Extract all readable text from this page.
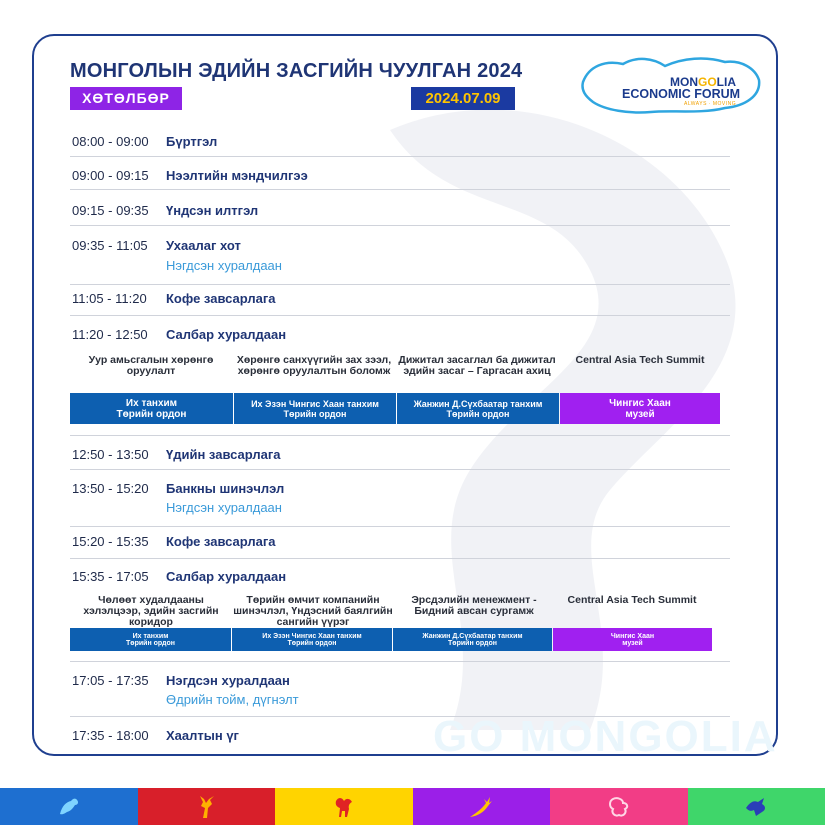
МОНГОЛЫН ЭДИЙН ЗАСГИЙН ЧУУЛГАН 2024
ХӨТӨЛБӨР	2024.07.09
MONGOLIA
ECONOMIC FORUM
ALWAYS · MOVING
GO MONGOLIA
08:00 - 09:00 Бүртгэл
09:00 - 09:15 Нээлтийн мэндчилгээ
09:15 - 09:35 Үндсэн илтгэл
09:35 - 11:05 Ухаалаг хот
Нэгдсэн хуралдаан
11:05 - 11:20 Кофе завсарлага
11:20 - 12:50 Салбар хуралдаан
Уур амьсгалын хөрөнгө оруулалт
Хөрөнгө санхүүгийн зах зээл, хөрөнгө оруулалтын боломж
Дижитал засаглал ба дижитал эдийн засаг – Гаргасан ахиц
Central Asia Tech Summit
Их танхим
Төрийн ордон
Их Эзэн Чингис Хаан танхим
Төрийн ордон
Жанжин Д.Сүхбаатар танхим
Төрийн ордон
Чингис Хаан
музей
12:50 - 13:50 Үдийн завсарлага
13:50 - 15:20 Банкны шинэчлэл
Нэгдсэн хуралдаан
15:20 - 15:35 Кофе завсарлага
15:35 - 17:05 Салбар хуралдаан
Чөлөөт худалдааны хэлэлцээр, эдийн засгийн коридор
Төрийн өмчит компанийн шинэчлэл, Үндэсний баялгийн сангийн үүрэг
Эрсдэлийн менежмент - Бидний авсан сургамж
Central Asia Tech Summit
Их танхим
Төрийн ордон
Их Эзэн Чингис Хаан танхим
Төрийн ордон
Жанжин Д.Сүхбаатар танхим
Төрийн ордон
Чингис Хаан
музей
17:05 - 17:35 Нэгдсэн хуралдаан
Өдрийн тойм, дүгнэлт
17:35 - 18:00 Хаалтын үг
